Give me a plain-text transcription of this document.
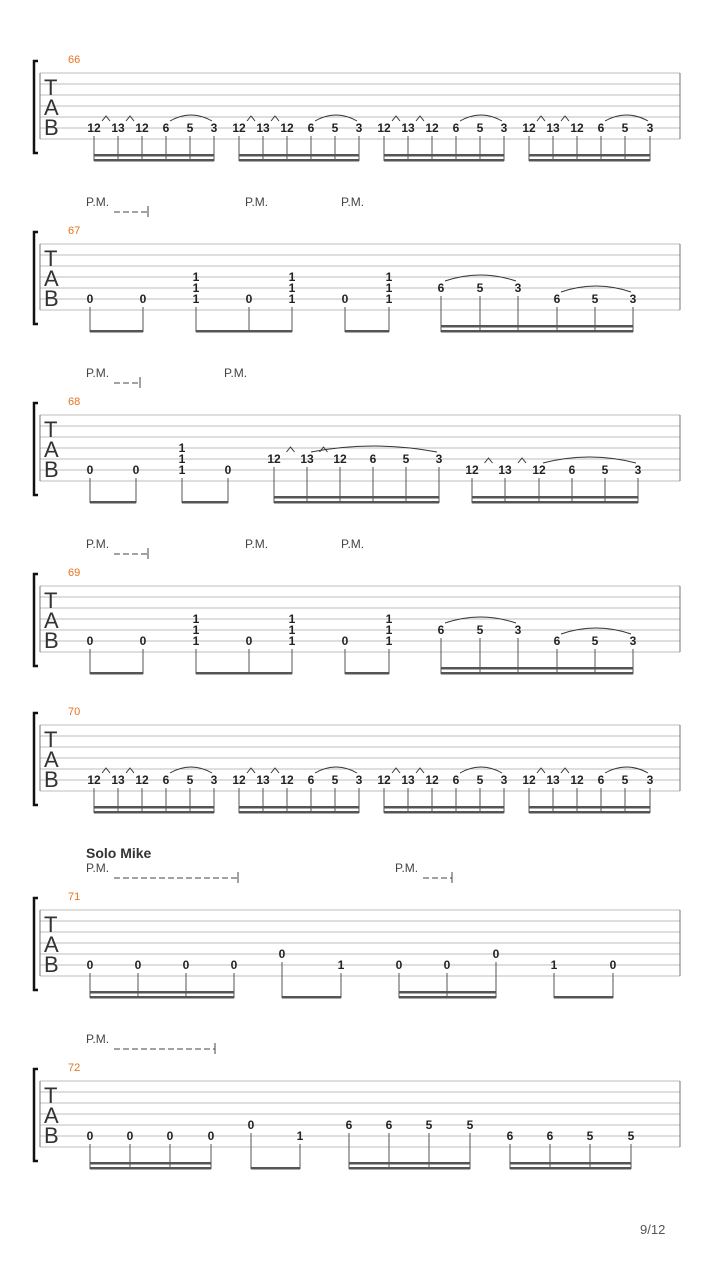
66
T
A
B 12 13 12 6 5 3 12 13 12 6 5 3 12 13 12 6 5 3 12 13 12 6 5 3
67
T
A
B
P.M.	P.M.	P.M.
0	0
1
1
1	0
1
1
1	0
1
1
1
6	5	3
6	5	3
68
T
A
B
P.M.	P.M.
0	0
1
1
1	0
12 13 12 6 5 3
12 13 12 6 5 3
69
T
A
B
P.M.	P.M.	P.M.
0	0
1
1
1	0
1
1
1	0
1
1
1
6	5	3
6	5	3
70
T
A
B 12 13 12 6 5 3 12 13 12 6 5 3 12 13 12 6 5 3 12 13 12 6 5 3
71
T
A
B
P.M.	P.M.
0	0	0	0
0
1	0	0
0
1	0
72
T
A
B
P.M.
0	0	0	0
0
1
6	6	5	5
6	6	5	5
Solo Mike
9/12
